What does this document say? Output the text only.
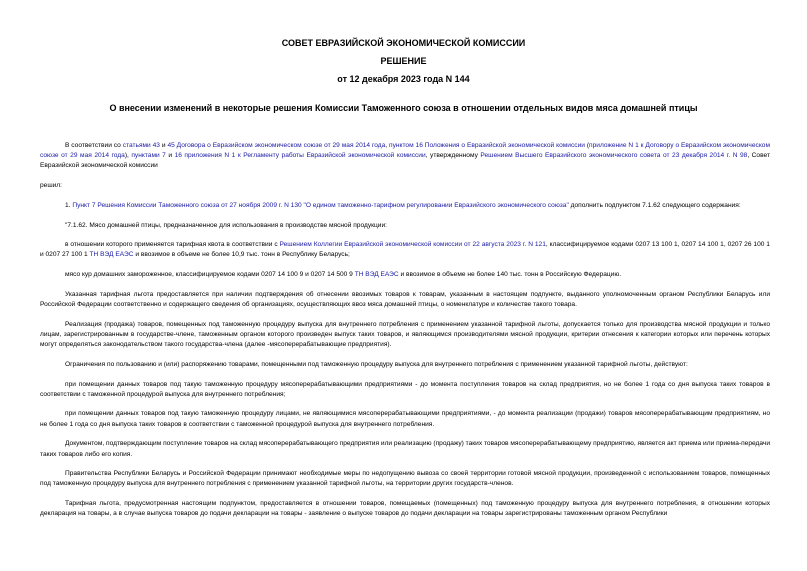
СОВЕТ ЕВРАЗИЙСКОЙ ЭКОНОМИЧЕСКОЙ КОМИССИИ
РЕШЕНИЕ
от 12 декабря 2023 года N 144
О внесении изменений в некоторые решения Комиссии Таможенного союза в отношении отдельных видов мяса домашней птицы

В соответствии со статьями 43 и 45 Договора о Евразийском экономическом союзе от 29 мая 2014 года, пунктом 16 Положения о Евразийской экономической комиссии (приложение N 1 к Договору о Евразийском экономическом союзе от 29 мая 2014 года), пунктами 7 и 16 приложения N 1 к Регламенту работы Евразийской экономической комиссии, утвержденному Решением Высшего Евразийского экономического совета от 23 декабря 2014 г. N 98, Совет Евразийской экономической комиссии

решил:

1. Пункт 7 Решения Комиссии Таможенного союза от 27 ноября 2009 г. N 130 "О едином таможенно-тарифном регулировании Евразийского экономического союза" дополнить подпунктом 7.1.62 следующего содержания:

"7.1.62. Мясо домашней птицы, предназначенное для использования в производстве мясной продукции:

в отношении которого применяется тарифная квота в соответствии с Решением Коллегии Евразийской экономической комиссии от 22 августа 2023 г. N 121, классифицируемое кодами 0207 13 100 1, 0207 14 100 1, 0207 26 100 1 и 0207 27 100 1 ТН ВЭД ЕАЭС и ввозимое в объеме не более 10,9 тыс. тонн в Республику Беларусь;

мясо кур домашних замороженное, классифицируемое кодами 0207 14 100 9 и 0207 14 500 9 ТН ВЭД ЕАЭС и ввозимое в объеме не более 140 тыс. тонн в Российскую Федерацию.

Указанная тарифная льгота предоставляется при наличии подтверждения об отнесении ввозимых товаров к товарам, указанным в настоящем подпункте, выданного уполномоченным органом Республики Беларусь или Российской Федерации соответственно и содержащего сведения об организациях, осуществляющих ввоз мяса домашней птицы, о номенклатуре и количестве такого товара.

Реализация (продажа) товаров, помещенных под таможенную процедуру выпуска для внутреннего потребления с применением указанной тарифной льготы, допускается только для производства мясной продукции и только лицам, зарегистрированным в государстве-члене, таможенным органом которого произведен выпуск таких товаров, и являющимся производителями мясной продукции, критерии отнесения к категории которых или перечень которых могут определяться законодательством такого государства-члена (далее -мясоперерабатывающие предприятия).

Ограничения по пользованию и (или) распоряжению товарами, помещенными под таможенную процедуру выпуска для внутреннего потребления с применением указанной тарифной льготы, действуют:

при помещении данных товаров под такую таможенную процедуру мясоперерабатывающими предприятиями - до момента поступления товаров на склад предприятия, но не более 1 года со дня выпуска таких товаров в соответствии с таможенной процедурой выпуска для внутреннего потребления;

при помещении данных товаров под такую таможенную процедуру лицами, не являющимися мясоперерабатывающими предприятиями, - до момента реализации (продажи) товаров мясоперерабатывающим предприятиям, но не более 1 года со дня выпуска таких товаров в соответствии с таможенной процедурой выпуска для внутреннего потребления.

Документом, подтверждающим поступление товаров на склад мясоперерабатывающего предприятия или реализацию (продажу) таких товаров мясоперерабатывающему предприятию, является акт приема или приема-передачи таких товаров либо его копия.

Правительства Республики Беларусь и Российской Федерации принимают необходимые меры по недопущению вывоза со своей территории готовой мясной продукции, произведенной с использованием товаров, помещенных под таможенную процедуру выпуска для внутреннего потребления с применением указанной тарифной льготы, на территории других государств-членов.

Тарифная льгота, предусмотренная настоящим подпунктом, предоставляется в отношении товаров, помещаемых (помещенных) под таможенную процедуру выпуска для внутреннего потребления, в отношении которых декларация на товары, а в случае выпуска товаров до подачи декларации на товары - заявление о выпуске товаров до подачи декларации на товары зарегистрированы таможенным органом Республики
